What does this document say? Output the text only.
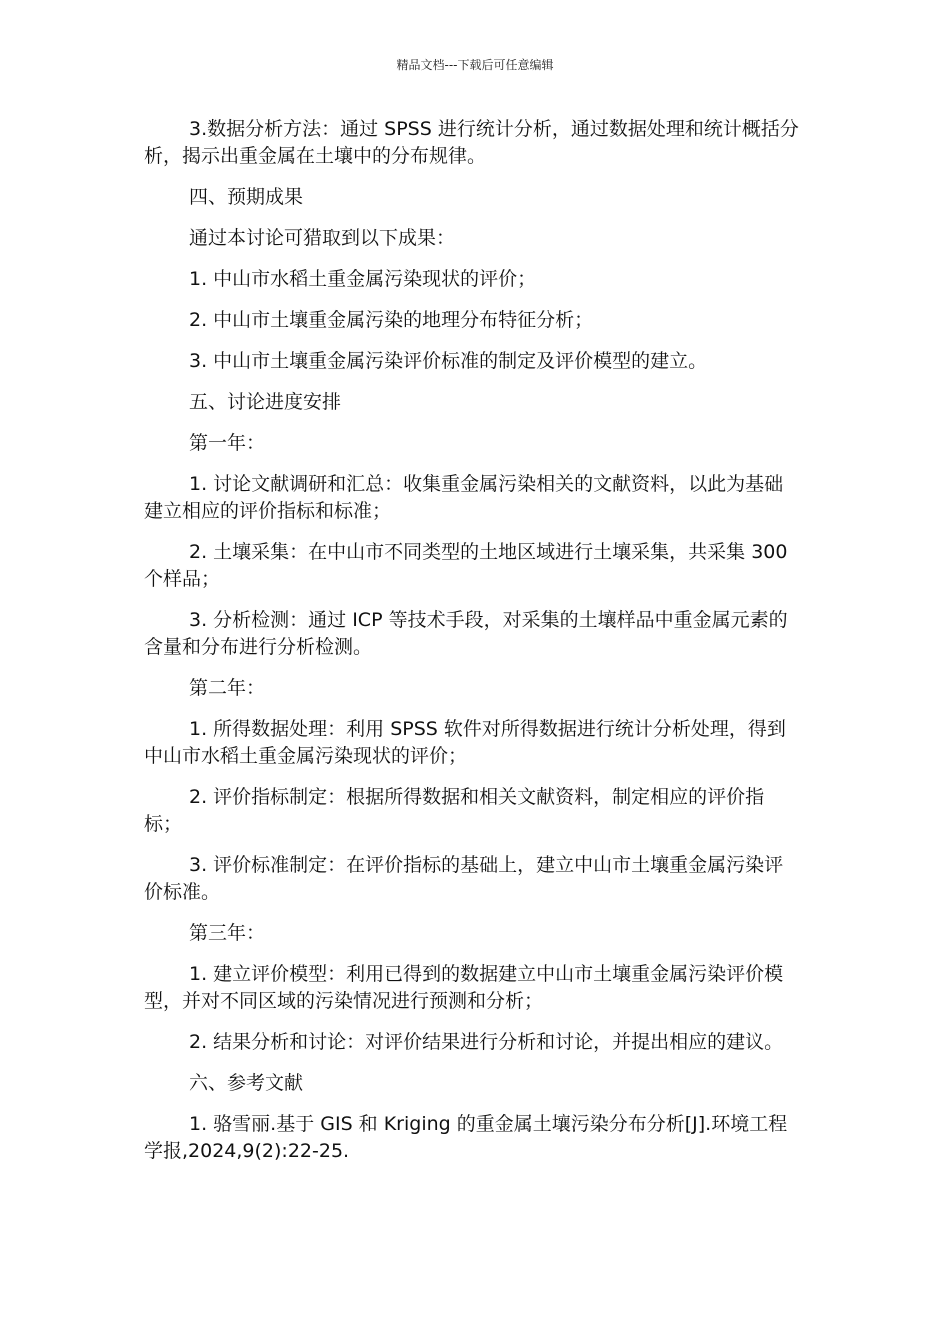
精品文档---下载后可任意编辑

3.数据分析方法：通过 SPSS 进行统计分析，通过数据处理和统计概括分析，揭示出重金属在土壤中的分布规律。

四、预期成果

通过本讨论可猎取到以下成果：

1. 中山市水稻土重金属污染现状的评价；

2. 中山市土壤重金属污染的地理分布特征分析；

3. 中山市土壤重金属污染评价标准的制定及评价模型的建立。

五、讨论进度安排

第一年：

1. 讨论文献调研和汇总：收集重金属污染相关的文献资料，以此为基础建立相应的评价指标和标准；

2. 土壤采集：在中山市不同类型的土地区域进行土壤采集，共采集 300 个样品；

3. 分析检测：通过 ICP 等技术手段，对采集的土壤样品中重金属元素的含量和分布进行分析检测。

第二年：

1. 所得数据处理：利用 SPSS 软件对所得数据进行统计分析处理，得到中山市水稻土重金属污染现状的评价；

2. 评价指标制定：根据所得数据和相关文献资料，制定相应的评价指标；

3. 评价标准制定：在评价指标的基础上，建立中山市土壤重金属污染评价标准。

第三年：

1. 建立评价模型：利用已得到的数据建立中山市土壤重金属污染评价模型，并对不同区域的污染情况进行预测和分析；

2. 结果分析和讨论：对评价结果进行分析和讨论，并提出相应的建议。

六、参考文献

1. 骆雪丽.基于 GIS 和 Kriging 的重金属土壤污染分布分析[J].环境工程学报,2024,9(2):22-25.
